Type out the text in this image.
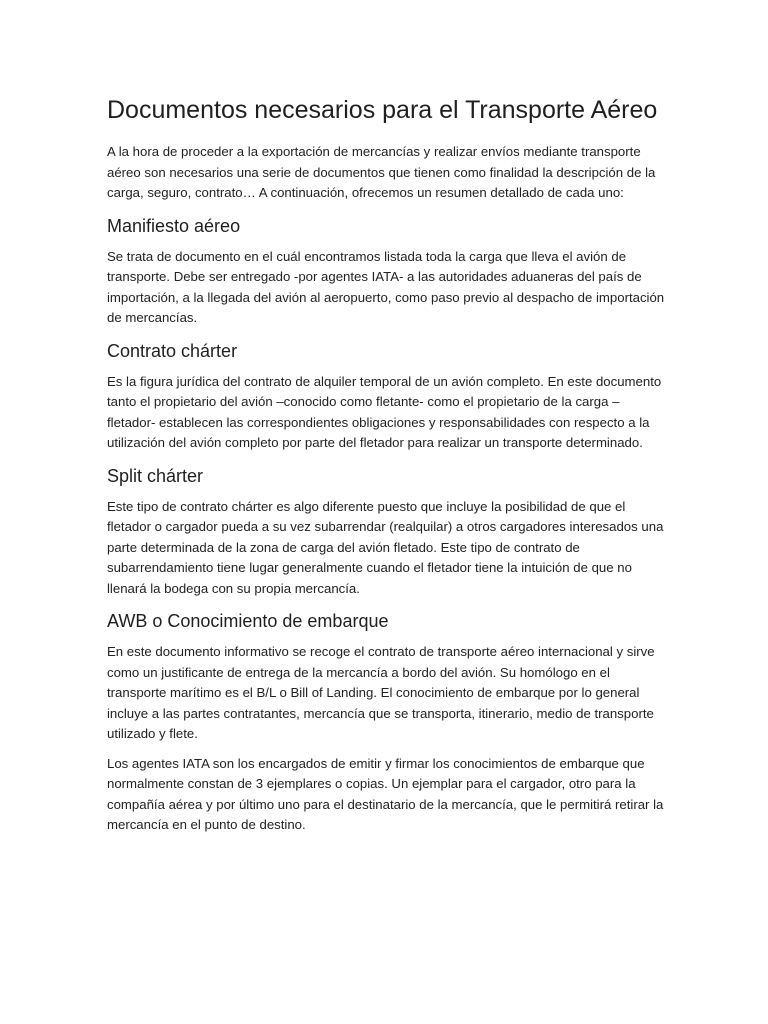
Documentos necesarios para el Transporte Aéreo

A la hora de proceder a la exportación de mercancías y realizar envíos mediante transporte aéreo son necesarios una serie de documentos que tienen como finalidad la descripción de la carga, seguro, contrato… A continuación, ofrecemos un resumen detallado de cada uno:

Manifiesto aéreo

Se trata de documento en el cuál encontramos listada toda la carga que lleva el avión de transporte. Debe ser entregado -por agentes IATA- a las autoridades aduaneras del país de importación, a la llegada del avión al aeropuerto, como paso previo al despacho de importación de mercancías.

Contrato chárter

Es la figura jurídica del contrato de alquiler temporal de un avión completo. En este documento tanto el propietario del avión –conocido como fletante- como el propietario de la carga –fletador- establecen las correspondientes obligaciones y responsabilidades con respecto a la utilización del avión completo por parte del fletador para realizar un transporte determinado.

Split chárter

Este tipo de contrato chárter es algo diferente puesto que incluye la posibilidad de que el fletador o cargador pueda a su vez subarrendar (realquilar) a otros cargadores interesados una parte determinada de la zona de carga del avión fletado. Este tipo de contrato de subarrendamiento tiene lugar generalmente cuando el fletador tiene la intuición de que no llenará la bodega con su propia mercancía.

AWB o Conocimiento de embarque

En este documento informativo se recoge el contrato de transporte aéreo internacional y sirve como un justificante de entrega de la mercancía a bordo del avión. Su homólogo en el transporte marítimo es el B/L o Bill of Landing. El conocimiento de embarque por lo general incluye a las partes contratantes, mercancía que se transporta, itinerario, medio de transporte utilizado y flete.

Los agentes IATA son los encargados de emitir y firmar los conocimientos de embarque que normalmente constan de 3 ejemplares o copias. Un ejemplar para el cargador, otro para la compañía aérea y por último uno para el destinatario de la mercancía, que le permitirá retirar la mercancía en el punto de destino.
